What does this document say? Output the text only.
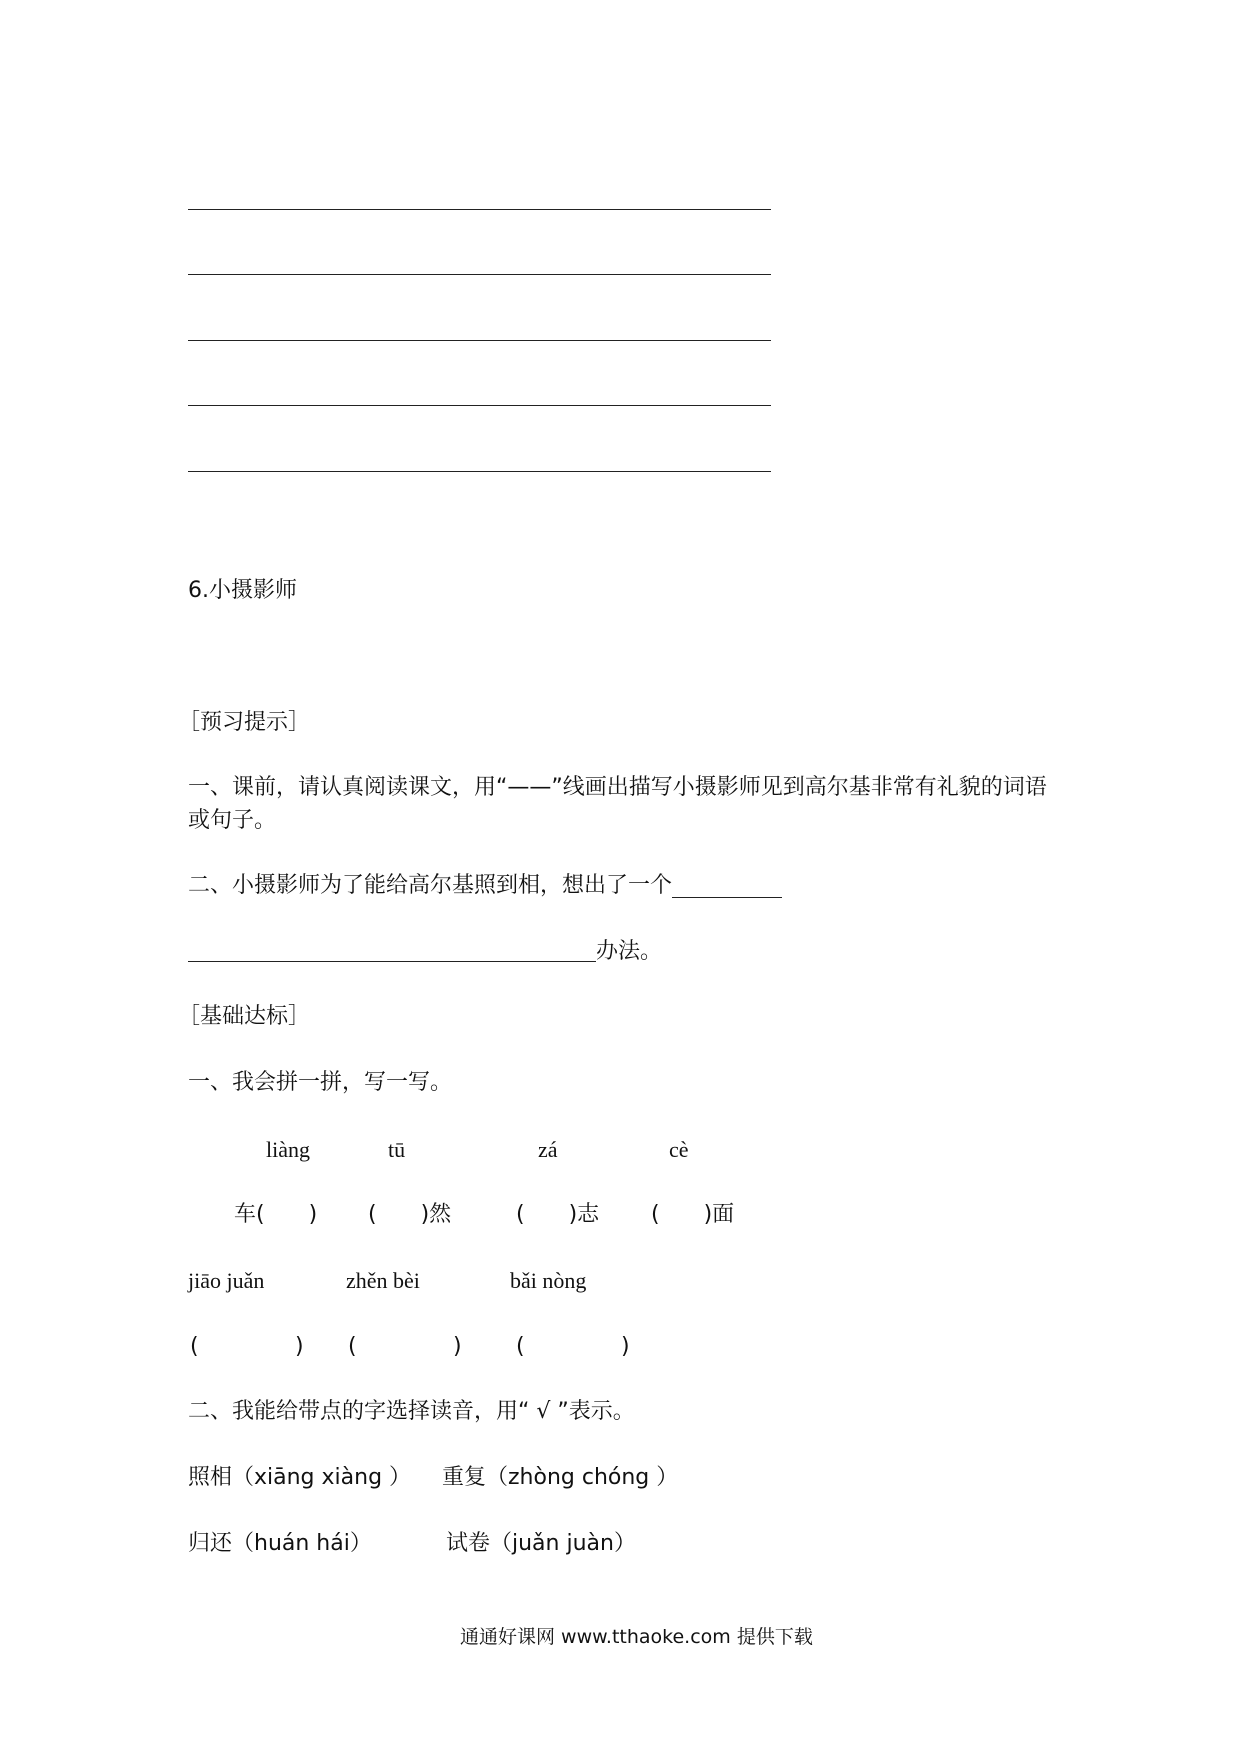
6.小摄影师
［预习提示］
一、课前，请认真阅读课文，用“——”线画出描写小摄影师见到高尔基非常有礼貌的词语
或句子。
二、小摄影师为了能给高尔基照到相，想出了一个
办法。
［基础达标］
一、我会拼一拼，写一写。
liàng	tū	zá	cè
车(　　) (　　)然	(　　)志 (　　)面
jiāo juǎn	zhěn bèi	bǎi nòng
(	) (	) (	)
二、我能给带点的字选择读音，用“ √ ”表示。
照相（xiāng xiàng ） 重复（zhòng chóng ）
归还（huán hái）	试卷（juǎn juàn）
通通好课网 www.tthaoke.com 提供下载
